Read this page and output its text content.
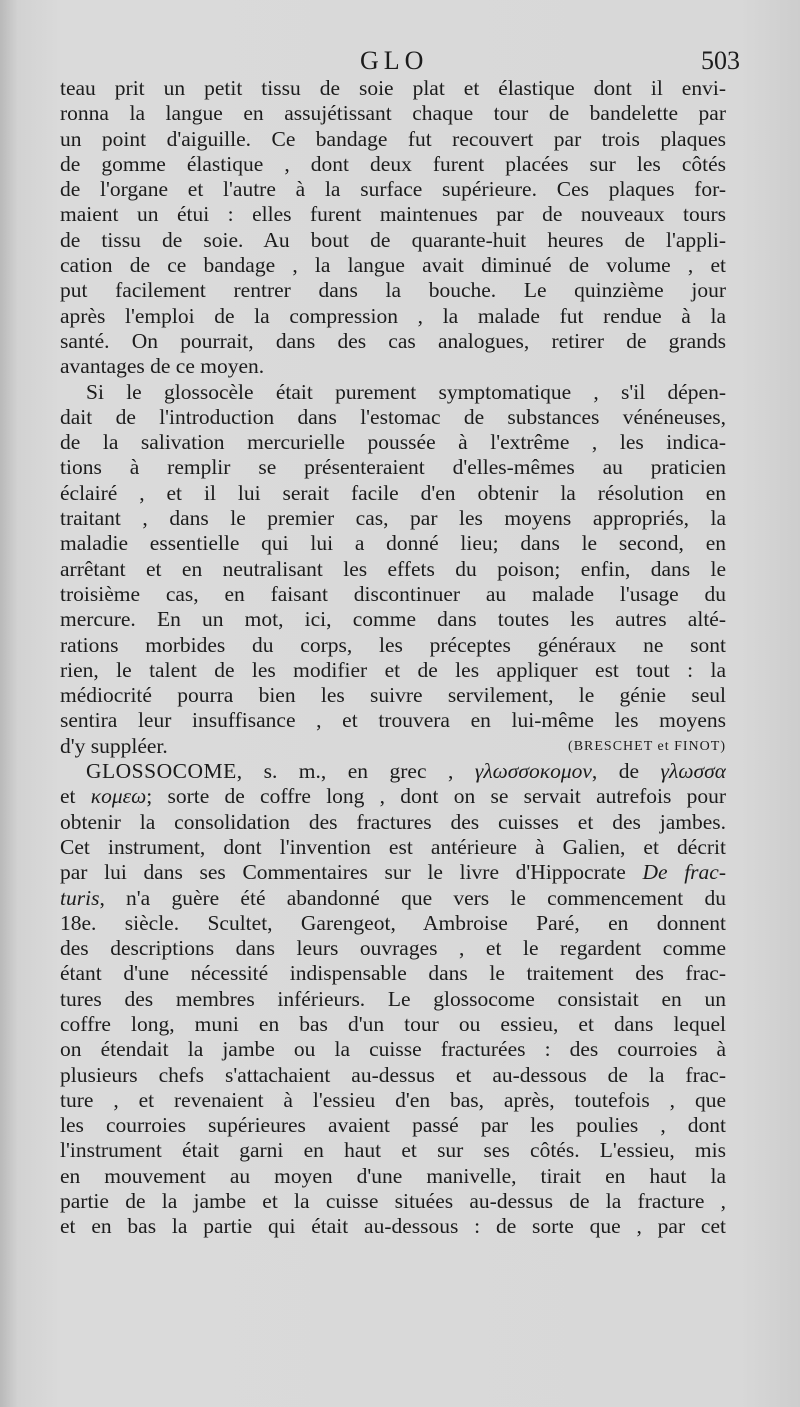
GLO	503
teau prit un petit tissu de soie plat et élastique dont il envi-
ronna la langue en assujétissant chaque tour de bandelette par
un point d'aiguille. Ce bandage fut recouvert par trois plaques
de gomme élastique , dont deux furent placées sur les côtés
de l'organe et l'autre à la surface supérieure. Ces plaques for-
maient un étui : elles furent maintenues par de nouveaux tours
de tissu de soie. Au bout de quarante-huit heures de l'appli-
cation de ce bandage , la langue avait diminué de volume , et
put facilement rentrer dans la bouche. Le quinzième jour
après l'emploi de la compression , la malade fut rendue à la
santé. On pourrait, dans des cas analogues, retirer de grands
avantages de ce moyen.
Si le glossocèle était purement symptomatique , s'il dépen-
dait de l'introduction dans l'estomac de substances vénéneuses,
de la salivation mercurielle poussée à l'extrême , les indica-
tions à remplir se présenteraient d'elles-mêmes au praticien
éclairé , et il lui serait facile d'en obtenir la résolution en
traitant , dans le premier cas, par les moyens appropriés, la
maladie essentielle qui lui a donné lieu; dans le second, en
arrêtant et en neutralisant les effets du poison; enfin, dans le
troisième cas, en faisant discontinuer au malade l'usage du
mercure. En un mot, ici, comme dans toutes les autres alté-
rations morbides du corps, les préceptes généraux ne sont
rien, le talent de les modifier et de les appliquer est tout : la
médiocrité pourra bien les suivre servilement, le génie seul
sentira leur insuffisance , et trouvera en lui-même les moyens
d'y suppléer.	(BRESCHET et FINOT)
GLOSSOCOME, s. m., en grec , γλωσσοκομον, de γλωσσα
et κομεω; sorte de coffre long , dont on se servait autrefois pour
obtenir la consolidation des fractures des cuisses et des jambes.
Cet instrument, dont l'invention est antérieure à Galien, et décrit
par lui dans ses Commentaires sur le livre d'Hippocrate De frac-
turis, n'a guère été abandonné que vers le commencement du
18e. siècle. Scultet, Garengeot, Ambroise Paré, en donnent
des descriptions dans leurs ouvrages , et le regardent comme
étant d'une nécessité indispensable dans le traitement des frac-
tures des membres inférieurs. Le glossocome consistait en un
coffre long, muni en bas d'un tour ou essieu, et dans lequel
on étendait la jambe ou la cuisse fracturées : des courroies à
plusieurs chefs s'attachaient au-dessus et au-dessous de la frac-
ture , et revenaient à l'essieu d'en bas, après, toutefois , que
les courroies supérieures avaient passé par les poulies , dont
l'instrument était garni en haut et sur ses côtés. L'essieu, mis
en mouvement au moyen d'une manivelle, tirait en haut la
partie de la jambe et la cuisse situées au-dessus de la fracture ,
et en bas la partie qui était au-dessous : de sorte que , par cet
